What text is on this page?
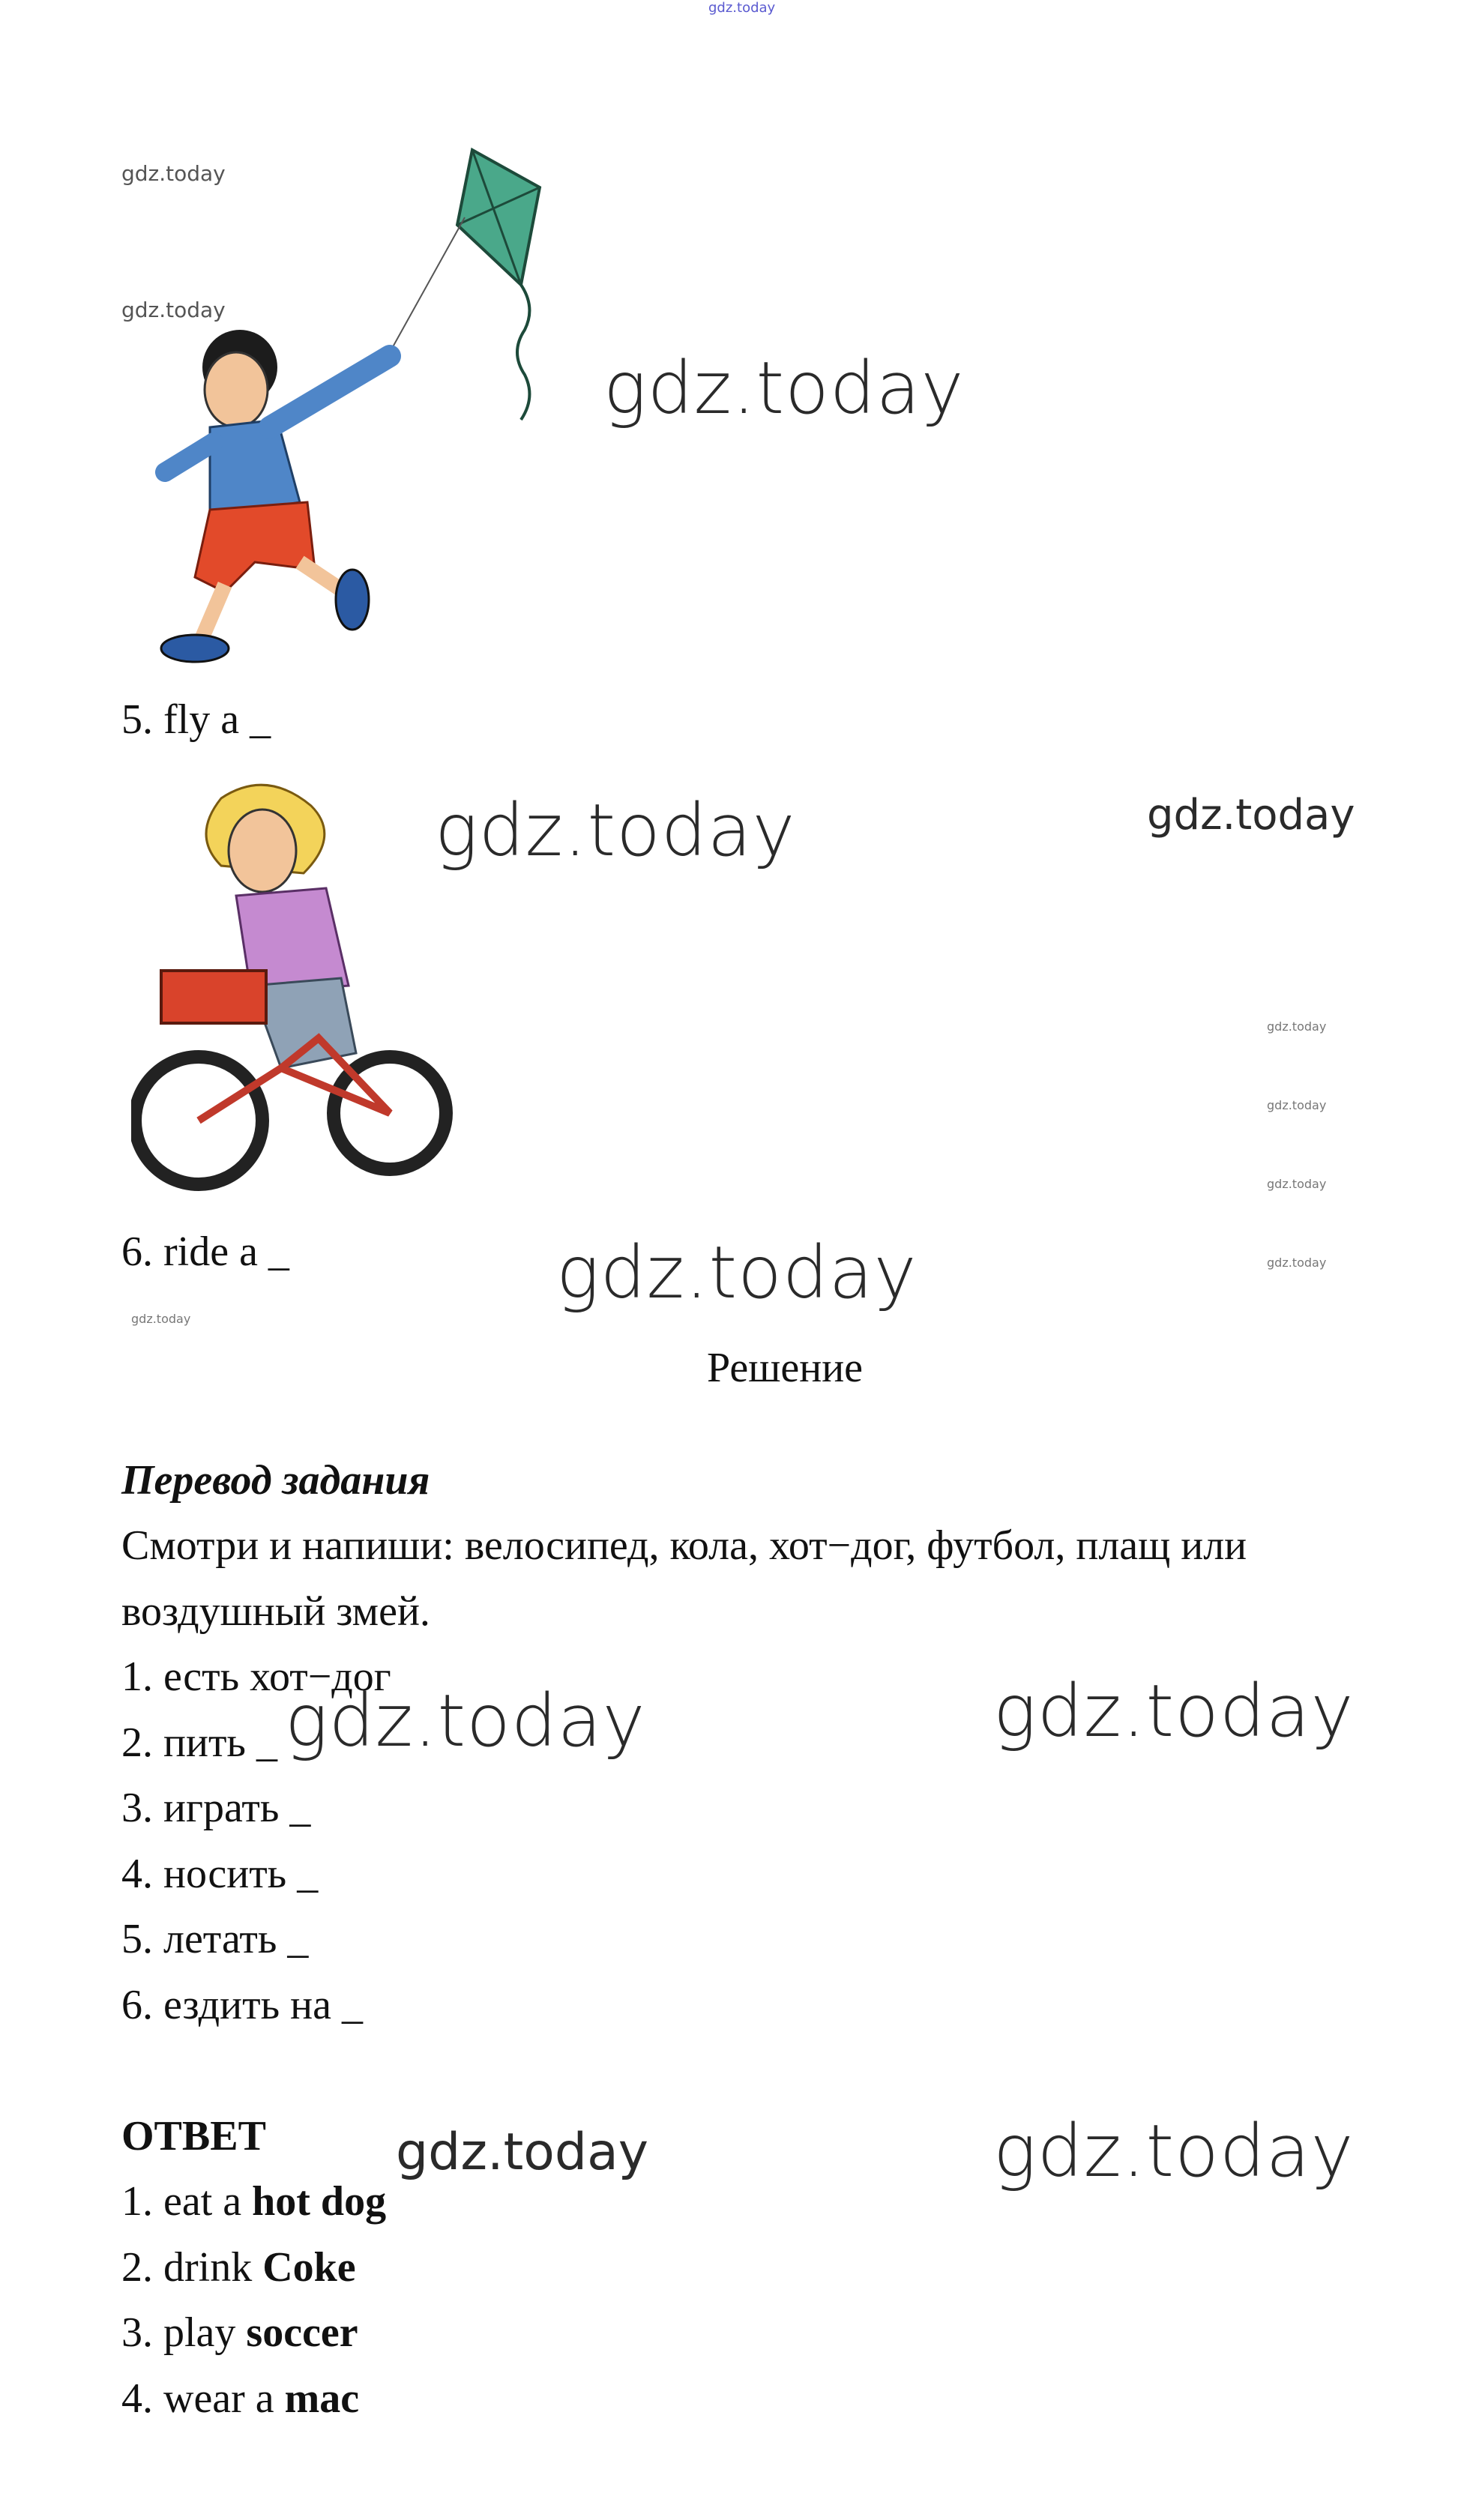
gdz.today
gdz.today
gdz.today
gdz.today
5. fly a _
gdz.today	gdz.today
gdz.today
gdz.today
gdz.today
gdz.today
6. ride a _	gdz.today
gdz.today
Решение
Перевод задания
Смотри и напиши: велосипед, кола, хот−дог, футбол, плащ или
воздушный змей.
1. есть хот−дог
2. пить _
3. играть _
4. носить _
5. летать _
6. ездить на _
gdz.today	gdz.today
ОТВЕТ	gdz.today	gdz.today
1. eat a hot dog
2. drink Coke
3. play soccer
4. wear a mac
